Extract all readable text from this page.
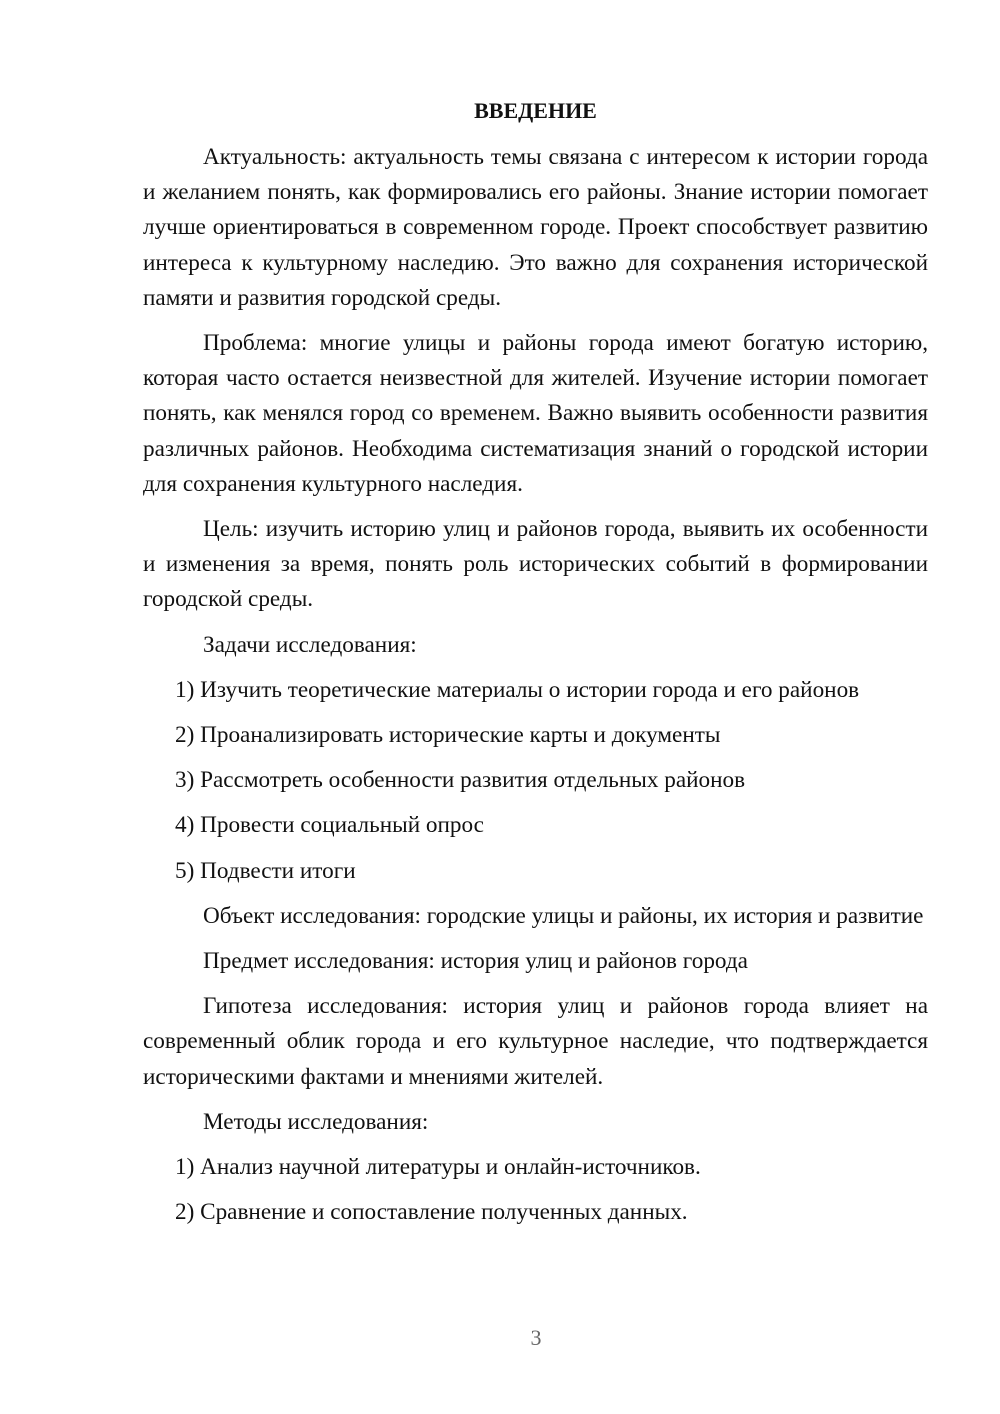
ВВЕДЕНИЕ

Актуальность: актуальность темы связана с интересом к истории города и желанием понять, как формировались его районы. Знание истории помогает лучше ориентироваться в современном городе. Проект способствует развитию интереса к культурному наследию. Это важно для сохранения исторической памяти и развития городской среды.

Проблема: многие улицы и районы города имеют богатую историю, которая часто остается неизвестной для жителей. Изучение истории помогает понять, как менялся город со временем. Важно выявить особенности развития различных районов. Необходима систематизация знаний о городской истории для сохранения культурного наследия.

Цель: изучить историю улиц и районов города, выявить их особенности и изменения за время, понять роль исторических событий в формировании городской среды.

Задачи исследования:

1) Изучить теоретические материалы о истории города и его районов

2) Проанализировать исторические карты и документы

3) Рассмотреть особенности развития отдельных районов

4) Провести социальный опрос

5) Подвести итоги

Объект исследования: городские улицы и районы, их история и развитие

Предмет исследования: история улиц и районов города

Гипотеза исследования: история улиц и районов города влияет на современный облик города и его культурное наследие, что подтверждается историческими фактами и мнениями жителей.

Методы исследования:

1) Анализ научной литературы и онлайн-источников.

2) Сравнение и сопоставление полученных данных.

3
